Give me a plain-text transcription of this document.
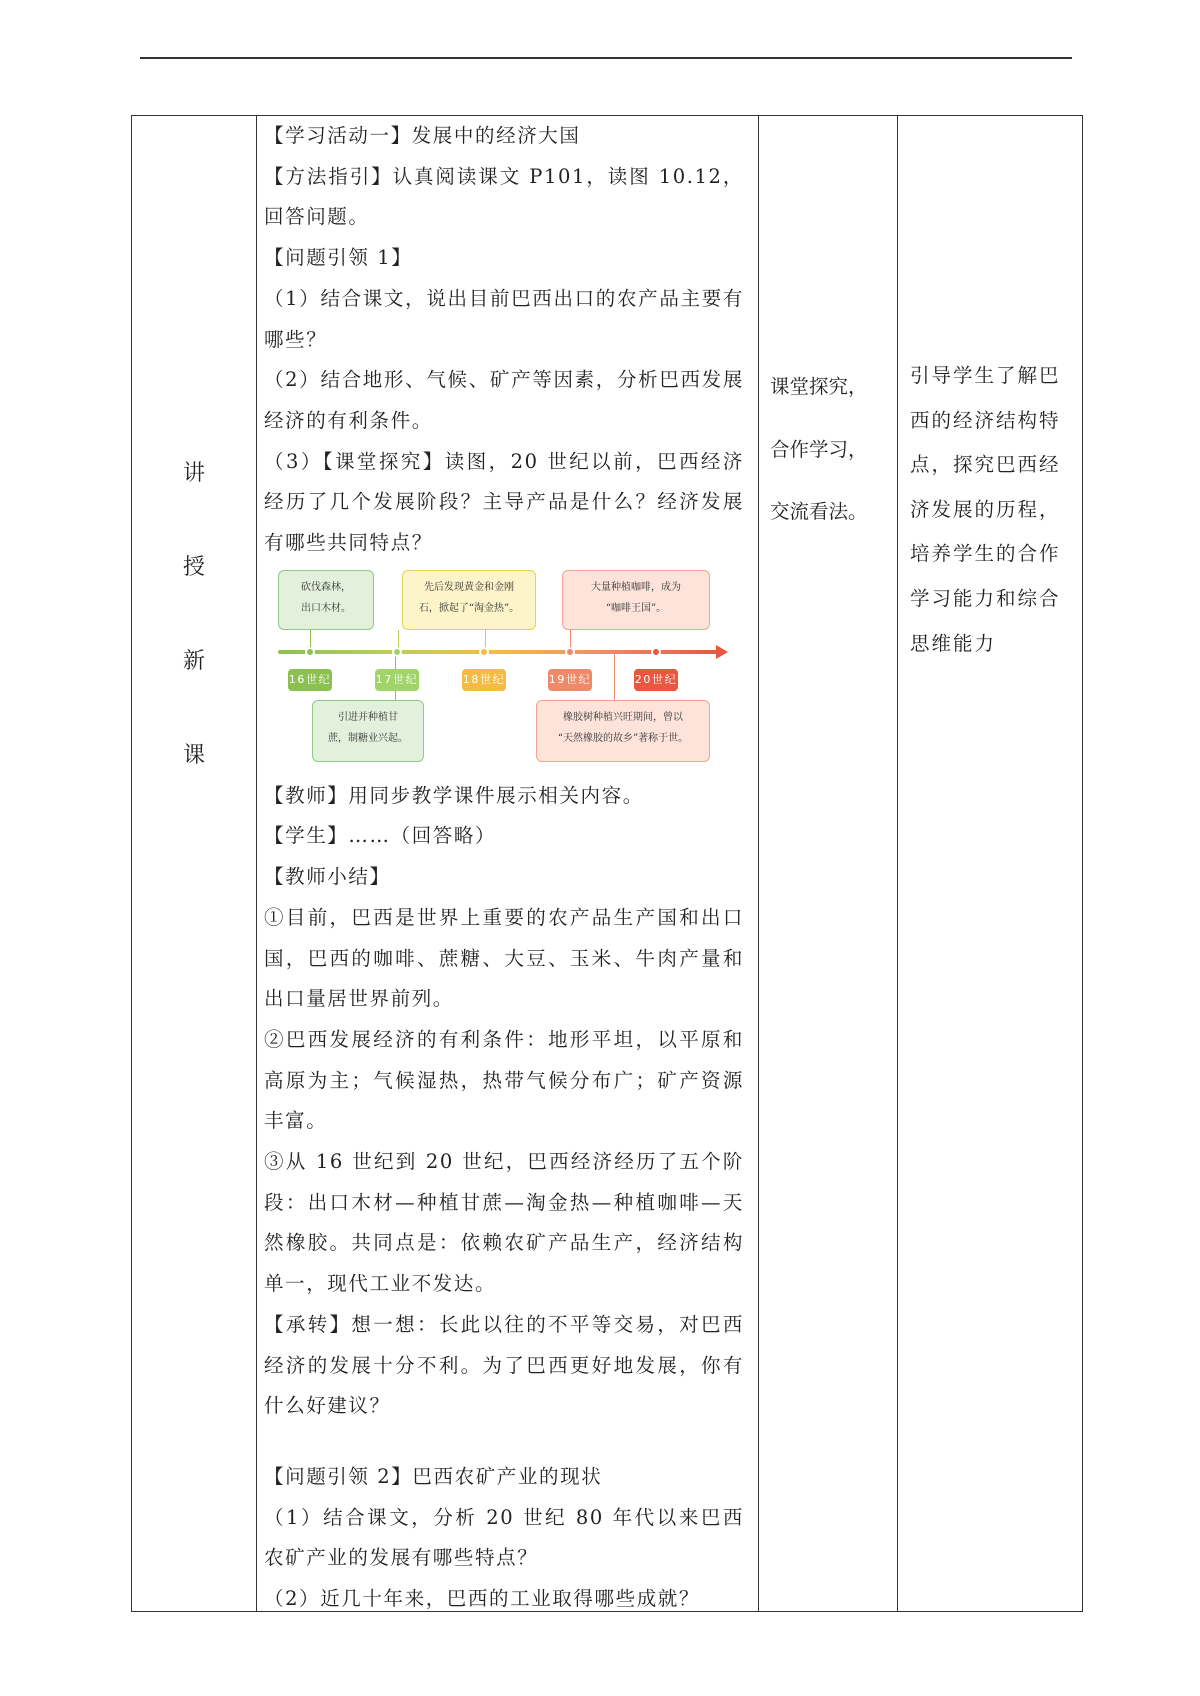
讲
授
新
课

【学习活动一】发展中的经济大国

【方法指引】认真阅读课文 P101，读图 10.12，回答问题。

【问题引领 1】

（1）结合课文，说出目前巴西出口的农产品主要有哪些？

（2）结合地形、气候、矿产等因素，分析巴西发展经济的有利条件。

（3）【课堂探究】读图，20 世纪以前，巴西经济经历了几个发展阶段？主导产品是什么？经济发展有哪些共同特点？

砍伐森林，
出口木材。
先后发现黄金和金刚
石，掀起了“淘金热”。
大量种植咖啡，成为
“咖啡王国”。
16世纪	17世纪	18世纪	19世纪	20世纪
引进并种植甘
蔗，制糖业兴起。
橡胶树种植兴旺期间，曾以
“天然橡胶的故乡”著称于世。

【教师】用同步教学课件展示相关内容。

【学生】……（回答略）

【教师小结】

①目前，巴西是世界上重要的农产品生产国和出口国，巴西的咖啡、蔗糖、大豆、玉米、牛肉产量和出口量居世界前列。

②巴西发展经济的有利条件：地形平坦，以平原和高原为主；气候湿热，热带气候分布广；矿产资源丰富。

③从 16 世纪到 20 世纪，巴西经济经历了五个阶段：出口木材—种植甘蔗—淘金热—种植咖啡—天然橡胶。共同点是：依赖农矿产品生产，经济结构单一，现代工业不发达。

【承转】想一想：长此以往的不平等交易，对巴西经济的发展十分不利。为了巴西更好地发展，你有什么好建议？

【问题引领 2】巴西农矿产业的现状

（1）结合课文，分析 20 世纪 80 年代以来巴西农矿产业的发展有哪些特点？

（2）近几十年来，巴西的工业取得哪些成就？

课堂探究，
合作学习，
交流看法。
引导学生了解巴西的经济结构特点，探究巴西经济发展的历程，培养学生的合作学习能力和综合思维能力
